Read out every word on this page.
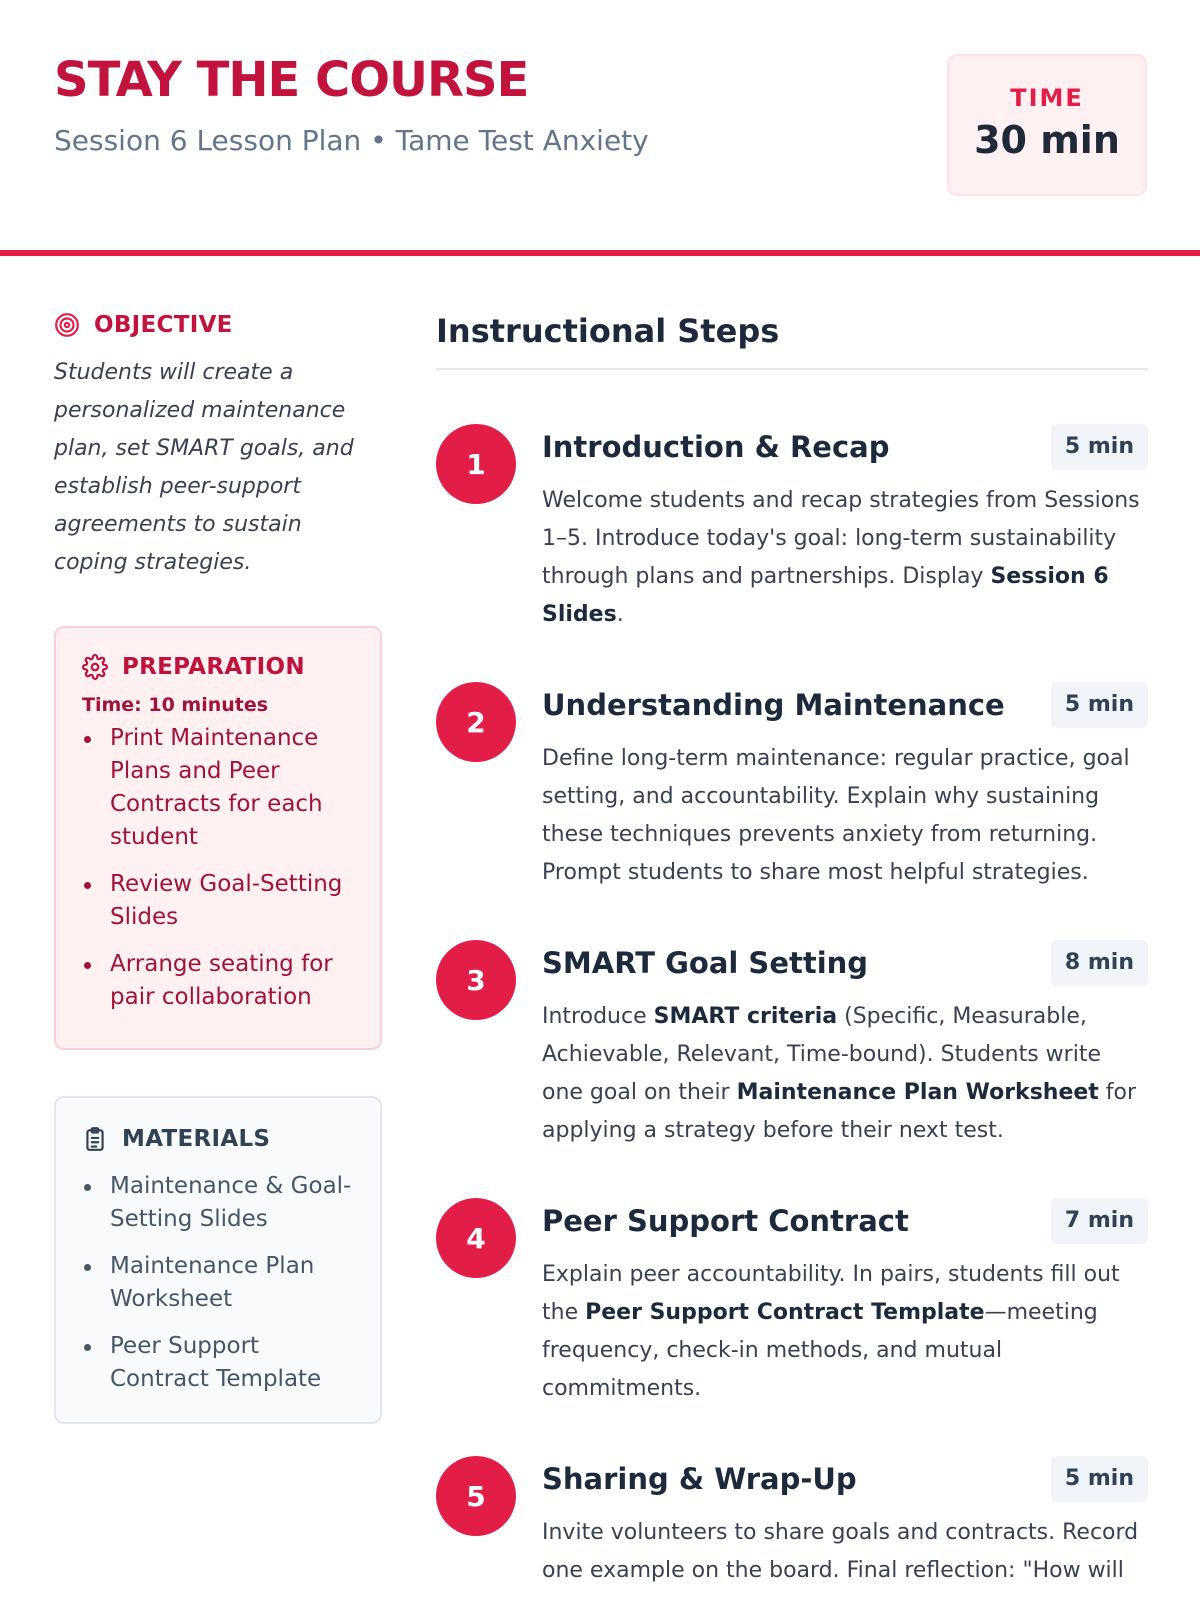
STAY THE COURSE
Session 6 Lesson Plan • Tame Test Anxiety
TIME
30 min
OBJECTIVE

Students will create a personalized maintenance plan, set SMART goals, and establish peer-support agreements to sustain coping strategies.

PREPARATION
Time: 10 minutes
Print Maintenance Plans and Peer Contracts for each student
Review Goal-Setting Slides
Arrange seating for pair collaboration
MATERIALS
Maintenance & Goal-Setting Slides
Maintenance Plan Worksheet
Peer Support Contract Template
Instructional Steps
1	Introduction & Recap	5 min

Welcome students and recap strategies from Sessions 1–5. Introduce today's goal: long-term sustainability through plans and partnerships. Display Session 6 Slides.

2	Understanding Maintenance	5 min

Define long-term maintenance: regular practice, goal setting, and accountability. Explain why sustaining these techniques prevents anxiety from returning. Prompt students to share most helpful strategies.

3	SMART Goal Setting	8 min

Introduce SMART criteria (Specific, Measurable, Achievable, Relevant, Time-bound). Students write one goal on their Maintenance Plan Worksheet for applying a strategy before their next test.

4	Peer Support Contract	7 min

Explain peer accountability. In pairs, students fill out the Peer Support Contract Template—meeting frequency, check-in methods, and mutual commitments.

5	Sharing & Wrap-Up	5 min

Invite volunteers to share goals and contracts. Record one example on the board. Final reflection: "How will
